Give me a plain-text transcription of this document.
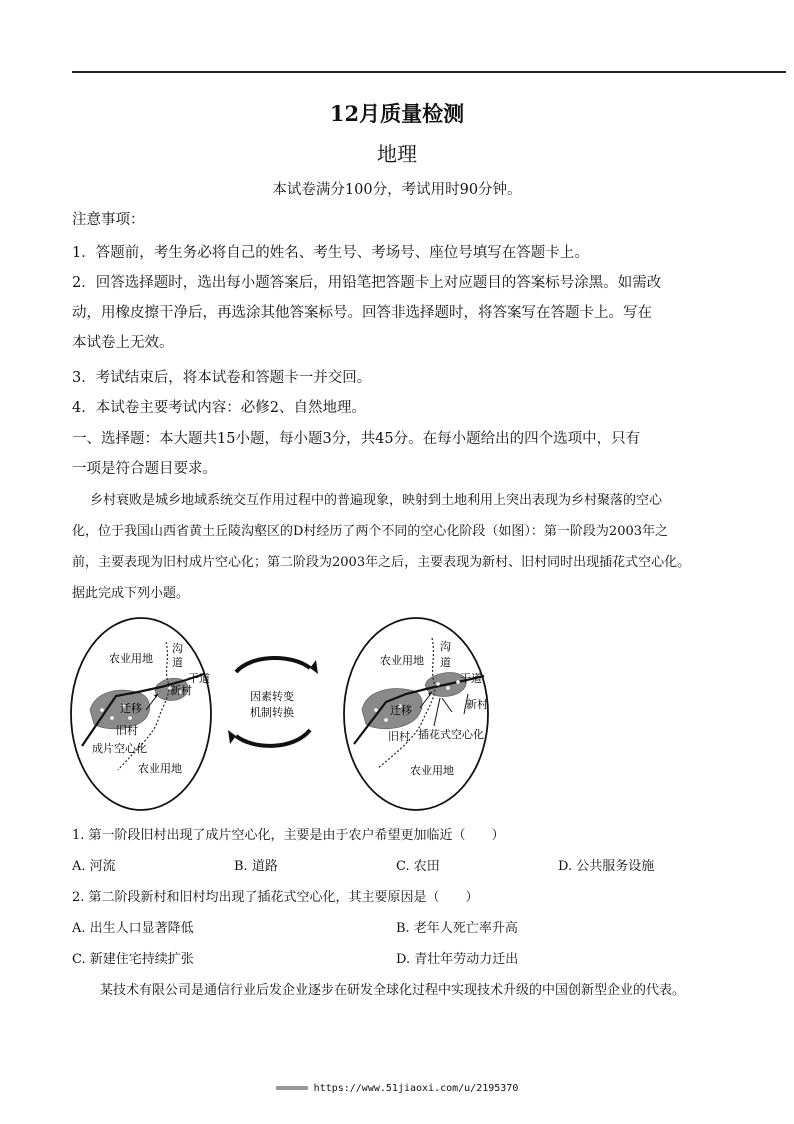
12月质量检测
地理
本试卷满分100分，考试用时90分钟。
注意事项：
1．答题前，考生务必将自己的姓名、考生号、考场号、座位号填写在答题卡上。
2．回答选择题时，选出每小题答案后，用铅笔把答题卡上对应题目的答案标号涂黑。如需改
动，用橡皮擦干净后，再选涂其他答案标号。回答非选择题时，将答案写在答题卡上。写在
本试卷上无效。
3．考试结束后，将本试卷和答题卡一并交回。
4．本试卷主要考试内容：必修2、自然地理。
一、选择题：本大题共15小题，每小题3分，共45分。在每小题给出的四个选项中，只有
一项是符合题目要求。
乡村衰败是城乡地域系统交互作用过程中的普遍现象，映射到土地利用上突出表现为乡村聚落的空心
化，位于我国山西省黄土丘陵沟壑区的D村经历了两个不同的空心化阶段（如图）：第一阶段为2003年之
前，主要表现为旧村成片空心化；第二阶段为2003年之后，主要表现为新村、旧村同时出现插花式空心化。
据此完成下列小题。
农业用地
沟
道
干道
新村
迁移
旧村
成片空心化
农业用地
因素转变
机制转换
农业用地
沟
道
干道
新村
迁移
旧村 插花式空心化
农业用地
1. 第一阶段旧村出现了成片空心化，主要是由于农户希望更加临近（　　）
A. 河流	B. 道路	C. 农田	D. 公共服务设施
2. 第二阶段新村和旧村均出现了插花式空心化，其主要原因是（　　）
A. 出生人口显著降低	B. 老年人死亡率升高
C. 新建住宅持续扩张	D. 青壮年劳动力迁出
某技术有限公司是通信行业后发企业逐步在研发全球化过程中实现技术升级的中国创新型企业的代表。
https://www.51jiaoxi.com/u/2195370
